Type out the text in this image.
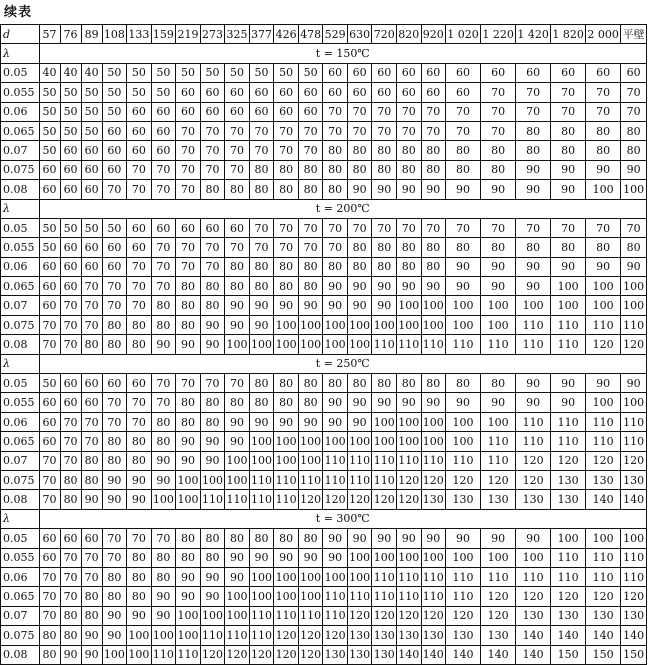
续表
d	57	76	89	108	133	159	219	273	325	377	426	478	529	630	720	820	920	1 020	1 220	1 420	1 820	2 000	平壁
λ	t = 150℃																						
0.05	40	40	40	50	50	50	50	50	50	50	50	50	60	60	60	60	60	60	60	60	60	60	60
0.055	50	50	50	50	50	50	60	60	60	60	60	60	60	60	60	60	60	60	70	70	70	70	70
0.06	50	50	50	50	60	60	60	60	60	60	60	60	70	70	70	70	70	70	70	70	70	70	70
0.065	50	50	50	60	60	60	70	70	70	70	70	70	70	70	70	70	70	70	70	80	80	80	80
0.07	50	60	60	60	60	60	70	70	70	70	70	70	80	80	80	80	80	80	80	80	80	80	80
0.075	60	60	60	60	70	70	70	70	70	80	80	80	80	80	80	80	80	80	80	90	90	90	90
0.08	60	60	60	70	70	70	70	80	80	80	80	80	80	90	90	90	90	90	90	90	90	100	100
λ	t = 200℃																						
0.05	50	50	50	50	60	60	60	60	60	70	70	70	70	70	70	70	70	70	70	70	70	70	70
0.055	50	60	60	60	60	70	70	70	70	70	70	70	70	80	80	80	80	80	80	80	80	80	80
0.06	60	60	60	60	70	70	70	70	80	80	80	80	80	80	80	80	80	90	90	90	90	90	90
0.065	60	60	70	70	70	70	80	80	80	80	80	80	90	90	90	90	90	90	90	90	100	100	100
0.07	60	70	70	70	70	80	80	80	90	90	90	90	90	90	90	100	100	100	100	100	100	100	100
0.075	70	70	70	80	80	80	80	90	90	90	100	100	100	100	100	100	100	100	100	110	110	110	110
0.08	70	70	80	80	80	90	90	90	100	100	100	100	100	100	110	110	110	110	110	110	110	120	120
λ	t = 250℃																						
0.05	50	60	60	60	60	70	70	70	70	80	80	80	80	80	80	80	80	80	80	90	90	90	90
0.055	60	60	60	70	70	70	80	80	80	80	80	80	90	90	90	90	90	90	90	90	90	100	100
0.06	60	70	70	70	70	80	80	80	90	90	90	90	90	90	100	100	100	100	100	110	110	110	110
0.065	60	70	70	80	80	80	90	90	90	100	100	100	100	100	100	100	100	100	110	110	110	110	110
0.07	70	70	80	80	80	90	90	90	100	100	100	100	110	110	110	110	110	110	110	120	120	120	120
0.075	70	80	80	90	90	90	100	100	100	110	110	110	110	110	110	120	120	120	120	120	130	130	130
0.08	70	80	90	90	90	100	100	110	110	110	110	120	120	120	120	120	130	130	130	130	130	140	140
λ	t = 300℃																						
0.05	60	60	60	70	70	70	80	80	80	80	80	80	90	90	90	90	90	90	90	90	100	100	100
0.055	60	70	70	70	80	80	80	80	90	90	90	90	90	100	100	100	100	100	100	100	110	110	110
0.06	70	70	70	80	80	80	90	90	90	100	100	100	100	100	110	110	110	110	110	110	110	110	110
0.065	70	70	80	80	80	90	90	90	100	100	100	100	110	110	110	110	110	110	120	120	120	120	120
0.07	70	80	80	90	90	90	100	100	100	110	110	110	110	120	120	120	120	120	120	130	130	130	130
0.075	80	80	90	90	100	100	100	110	110	110	120	120	120	130	130	130	130	130	130	140	140	140	140
0.08	80	90	90	100	100	110	110	120	120	120	120	120	130	130	130	140	140	140	140	140	150	150	150
